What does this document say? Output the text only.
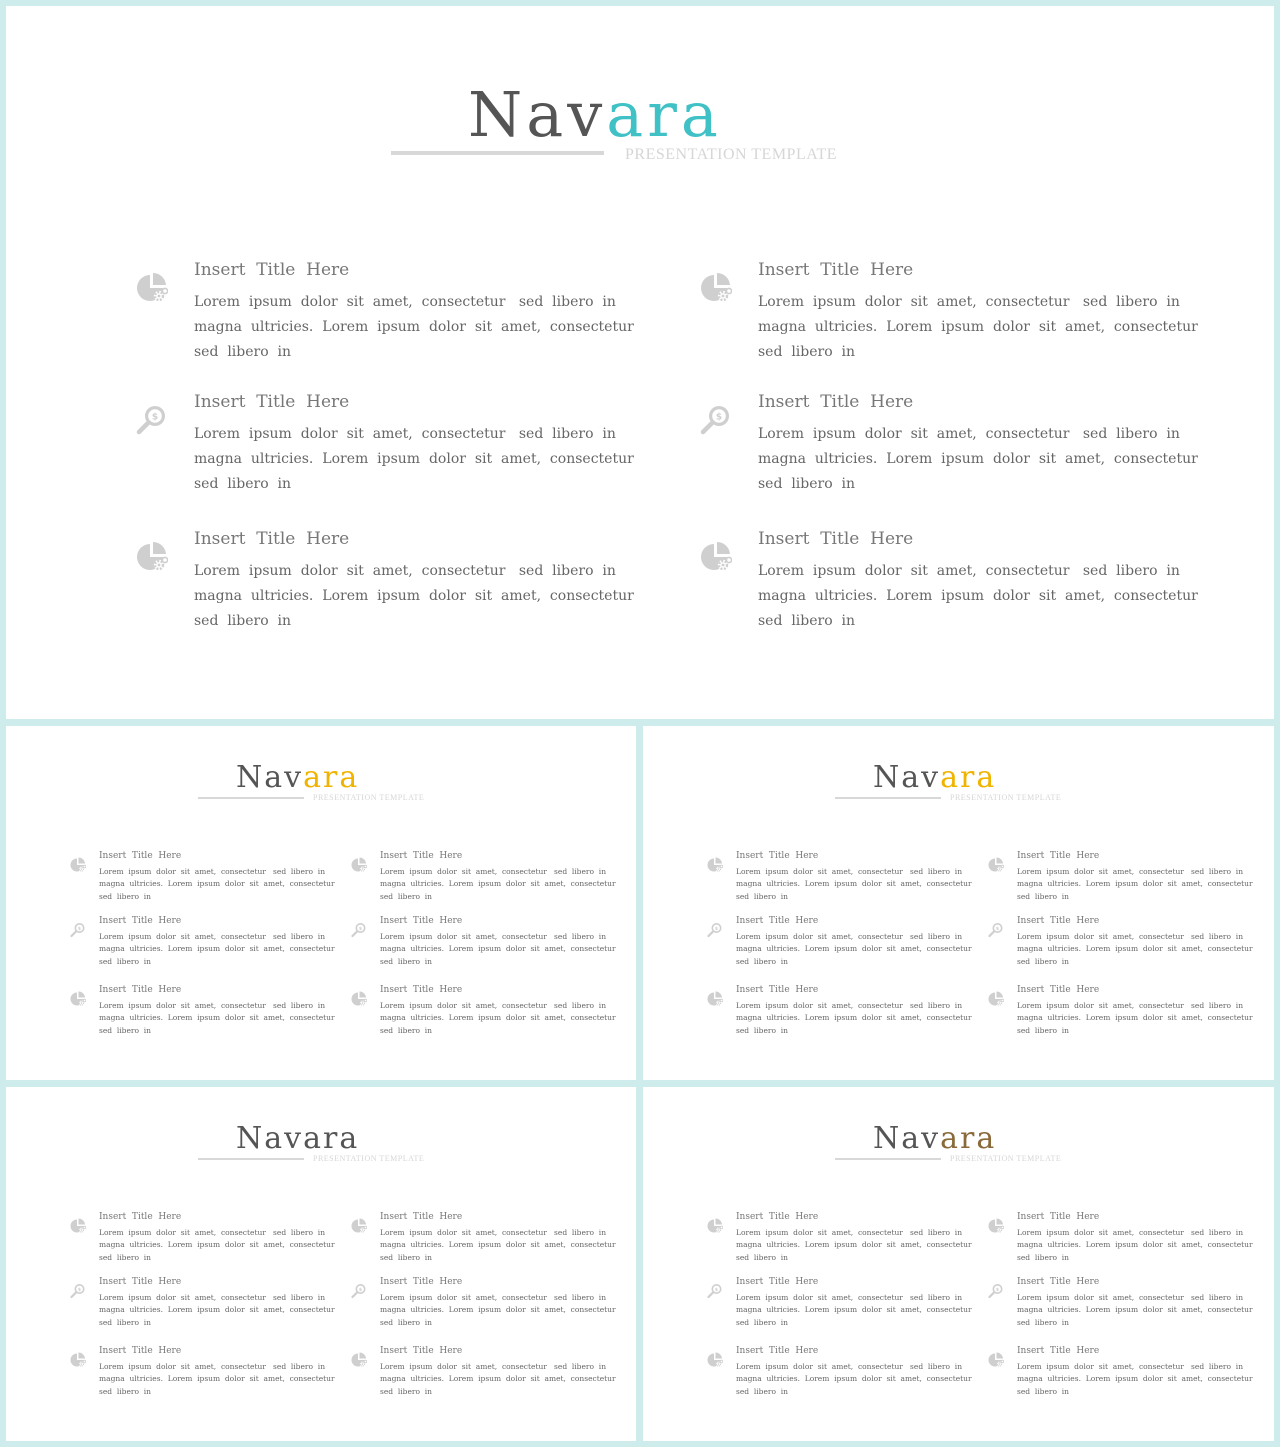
Navara
PRESENTATION TEMPLATE
Insert  Title  Here
Lorem  ipsum  dolor  sit  amet,  consectetur   sed  libero  in
magna  ultricies.  Lorem  ipsum  dolor  sit  amet,  consectetur
sed  libero  in
Insert  Title  Here
Lorem  ipsum  dolor  sit  amet,  consectetur   sed  libero  in
magna  ultricies.  Lorem  ipsum  dolor  sit  amet,  consectetur
sed  libero  in
Insert  Title  Here
Lorem  ipsum  dolor  sit  amet,  consectetur   sed  libero  in
magna  ultricies.  Lorem  ipsum  dolor  sit  amet,  consectetur
sed  libero  in
Insert  Title  Here
Lorem  ipsum  dolor  sit  amet,  consectetur   sed  libero  in
magna  ultricies.  Lorem  ipsum  dolor  sit  amet,  consectetur
sed  libero  in
Insert  Title  Here
Lorem  ipsum  dolor  sit  amet,  consectetur   sed  libero  in
magna  ultricies.  Lorem  ipsum  dolor  sit  amet,  consectetur
sed  libero  in
Insert  Title  Here
Lorem  ipsum  dolor  sit  amet,  consectetur   sed  libero  in
magna  ultricies.  Lorem  ipsum  dolor  sit  amet,  consectetur
sed  libero  in
Navara
PRESENTATION TEMPLATE
Insert  Title  Here
Lorem  ipsum  dolor  sit  amet,  consectetur   sed  libero  in
magna  ultricies.  Lorem  ipsum  dolor  sit  amet,  consectetur
sed  libero  in
Insert  Title  Here
Lorem  ipsum  dolor  sit  amet,  consectetur   sed  libero  in
magna  ultricies.  Lorem  ipsum  dolor  sit  amet,  consectetur
sed  libero  in
Insert  Title  Here
Lorem  ipsum  dolor  sit  amet,  consectetur   sed  libero  in
magna  ultricies.  Lorem  ipsum  dolor  sit  amet,  consectetur
sed  libero  in
Insert  Title  Here
Lorem  ipsum  dolor  sit  amet,  consectetur   sed  libero  in
magna  ultricies.  Lorem  ipsum  dolor  sit  amet,  consectetur
sed  libero  in
Insert  Title  Here
Lorem  ipsum  dolor  sit  amet,  consectetur   sed  libero  in
magna  ultricies.  Lorem  ipsum  dolor  sit  amet,  consectetur
sed  libero  in
Insert  Title  Here
Lorem  ipsum  dolor  sit  amet,  consectetur   sed  libero  in
magna  ultricies.  Lorem  ipsum  dolor  sit  amet,  consectetur
sed  libero  in
Navara
PRESENTATION TEMPLATE
Insert  Title  Here
Lorem  ipsum  dolor  sit  amet,  consectetur   sed  libero  in
magna  ultricies.  Lorem  ipsum  dolor  sit  amet,  consectetur
sed  libero  in
Insert  Title  Here
Lorem  ipsum  dolor  sit  amet,  consectetur   sed  libero  in
magna  ultricies.  Lorem  ipsum  dolor  sit  amet,  consectetur
sed  libero  in
Insert  Title  Here
Lorem  ipsum  dolor  sit  amet,  consectetur   sed  libero  in
magna  ultricies.  Lorem  ipsum  dolor  sit  amet,  consectetur
sed  libero  in
Insert  Title  Here
Lorem  ipsum  dolor  sit  amet,  consectetur   sed  libero  in
magna  ultricies.  Lorem  ipsum  dolor  sit  amet,  consectetur
sed  libero  in
Insert  Title  Here
Lorem  ipsum  dolor  sit  amet,  consectetur   sed  libero  in
magna  ultricies.  Lorem  ipsum  dolor  sit  amet,  consectetur
sed  libero  in
Insert  Title  Here
Lorem  ipsum  dolor  sit  amet,  consectetur   sed  libero  in
magna  ultricies.  Lorem  ipsum  dolor  sit  amet,  consectetur
sed  libero  in
Navara
PRESENTATION TEMPLATE
Insert  Title  Here
Lorem  ipsum  dolor  sit  amet,  consectetur   sed  libero  in
magna  ultricies.  Lorem  ipsum  dolor  sit  amet,  consectetur
sed  libero  in
Insert  Title  Here
Lorem  ipsum  dolor  sit  amet,  consectetur   sed  libero  in
magna  ultricies.  Lorem  ipsum  dolor  sit  amet,  consectetur
sed  libero  in
Insert  Title  Here
Lorem  ipsum  dolor  sit  amet,  consectetur   sed  libero  in
magna  ultricies.  Lorem  ipsum  dolor  sit  amet,  consectetur
sed  libero  in
Insert  Title  Here
Lorem  ipsum  dolor  sit  amet,  consectetur   sed  libero  in
magna  ultricies.  Lorem  ipsum  dolor  sit  amet,  consectetur
sed  libero  in
Insert  Title  Here
Lorem  ipsum  dolor  sit  amet,  consectetur   sed  libero  in
magna  ultricies.  Lorem  ipsum  dolor  sit  amet,  consectetur
sed  libero  in
Insert  Title  Here
Lorem  ipsum  dolor  sit  amet,  consectetur   sed  libero  in
magna  ultricies.  Lorem  ipsum  dolor  sit  amet,  consectetur
sed  libero  in
Navara
PRESENTATION TEMPLATE
Insert  Title  Here
Lorem  ipsum  dolor  sit  amet,  consectetur   sed  libero  in
magna  ultricies.  Lorem  ipsum  dolor  sit  amet,  consectetur
sed  libero  in
Insert  Title  Here
Lorem  ipsum  dolor  sit  amet,  consectetur   sed  libero  in
magna  ultricies.  Lorem  ipsum  dolor  sit  amet,  consectetur
sed  libero  in
Insert  Title  Here
Lorem  ipsum  dolor  sit  amet,  consectetur   sed  libero  in
magna  ultricies.  Lorem  ipsum  dolor  sit  amet,  consectetur
sed  libero  in
Insert  Title  Here
Lorem  ipsum  dolor  sit  amet,  consectetur   sed  libero  in
magna  ultricies.  Lorem  ipsum  dolor  sit  amet,  consectetur
sed  libero  in
Insert  Title  Here
Lorem  ipsum  dolor  sit  amet,  consectetur   sed  libero  in
magna  ultricies.  Lorem  ipsum  dolor  sit  amet,  consectetur
sed  libero  in
Insert  Title  Here
Lorem  ipsum  dolor  sit  amet,  consectetur   sed  libero  in
magna  ultricies.  Lorem  ipsum  dolor  sit  amet,  consectetur
sed  libero  in
